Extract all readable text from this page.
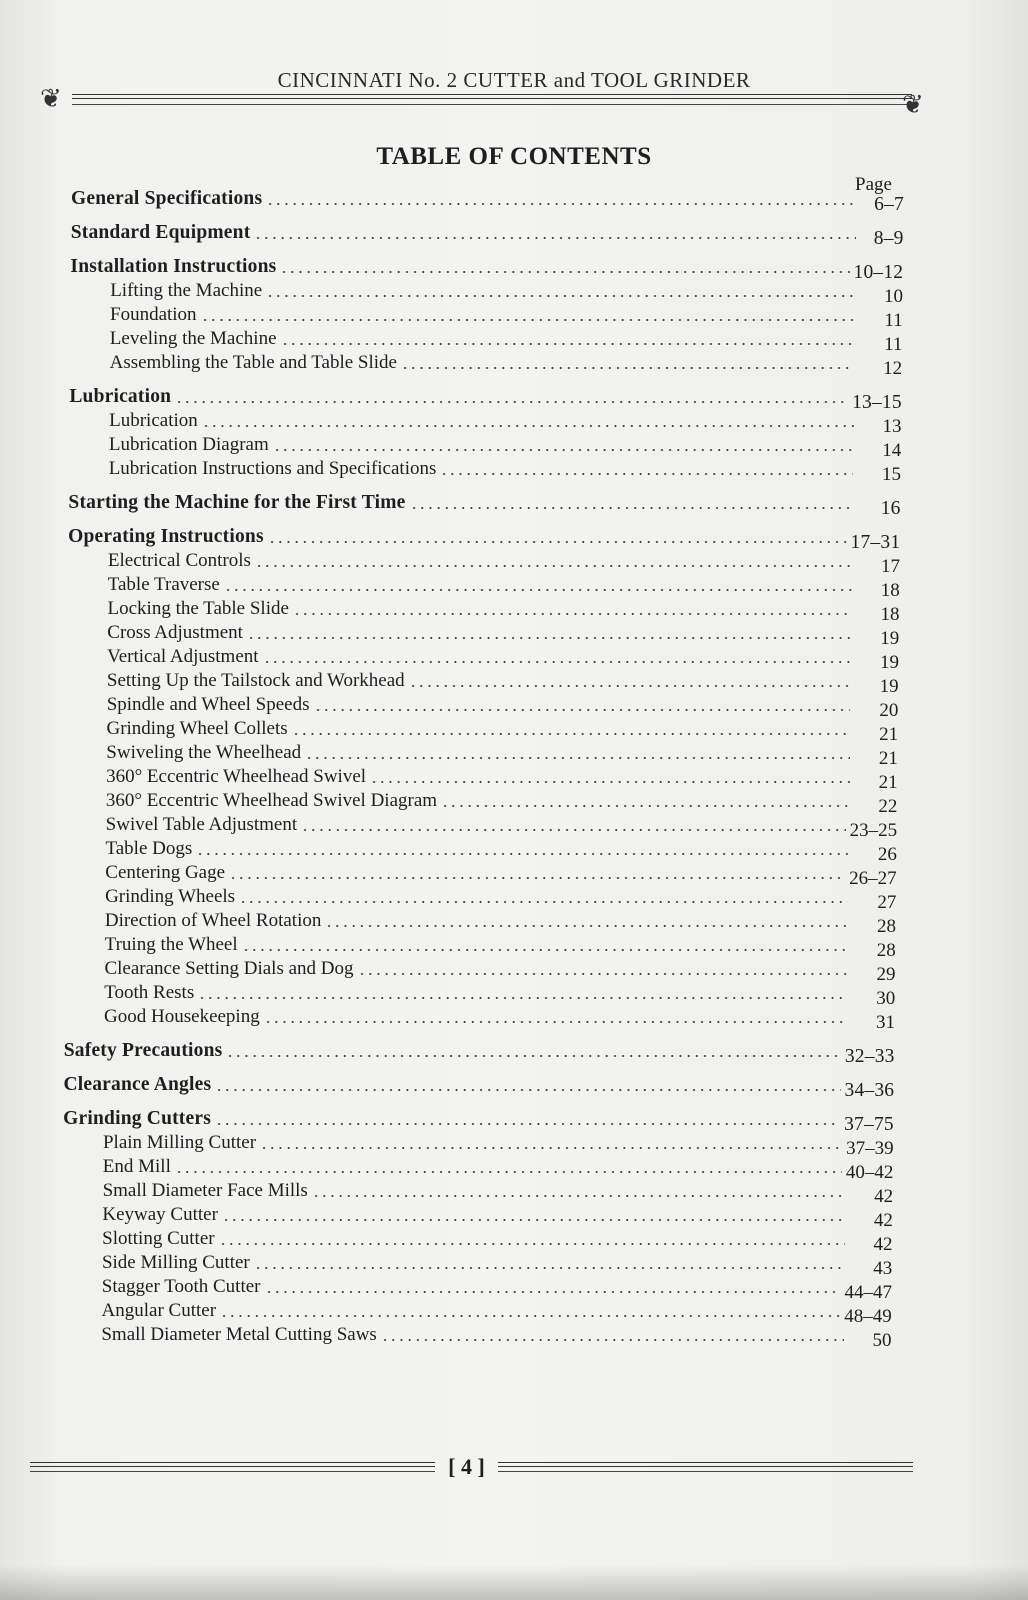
❦
CINCINNATI No. 2 CUTTER and TOOL GRINDER
❦
TABLE OF CONTENTS
Page
General Specifications	6–7
Standard Equipment	8–9
Installation Instructions	10–12
Lifting the Machine	10
Foundation	11
Leveling the Machine	11
Assembling the Table and Table Slide	12
Lubrication	13–15
Lubrication	13
Lubrication Diagram	14
Lubrication Instructions and Specifications	15
Starting the Machine for the First Time	16
Operating Instructions	17–31
Electrical Controls	17
Table Traverse	18
Locking the Table Slide	18
Cross Adjustment	19
Vertical Adjustment	19
Setting Up the Tailstock and Workhead	19
Spindle and Wheel Speeds	20
Grinding Wheel Collets	21
Swiveling the Wheelhead	21
360° Eccentric Wheelhead Swivel	21
360° Eccentric Wheelhead Swivel Diagram	22
Swivel Table Adjustment	23–25
Table Dogs	26
Centering Gage	26–27
Grinding Wheels	27
Direction of Wheel Rotation	28
Truing the Wheel	28
Clearance Setting Dials and Dog	29
Tooth Rests	30
Good Housekeeping	31
Safety Precautions	32–33
Clearance Angles	34–36
Grinding Cutters	37–75
Plain Milling Cutter	37–39
End Mill	40–42
Small Diameter Face Mills	42
Keyway Cutter	42
Slotting Cutter	42
Side Milling Cutter	43
Stagger Tooth Cutter	44–47
Angular Cutter	48–49
Small Diameter Metal Cutting Saws	50
[ 4 ]
